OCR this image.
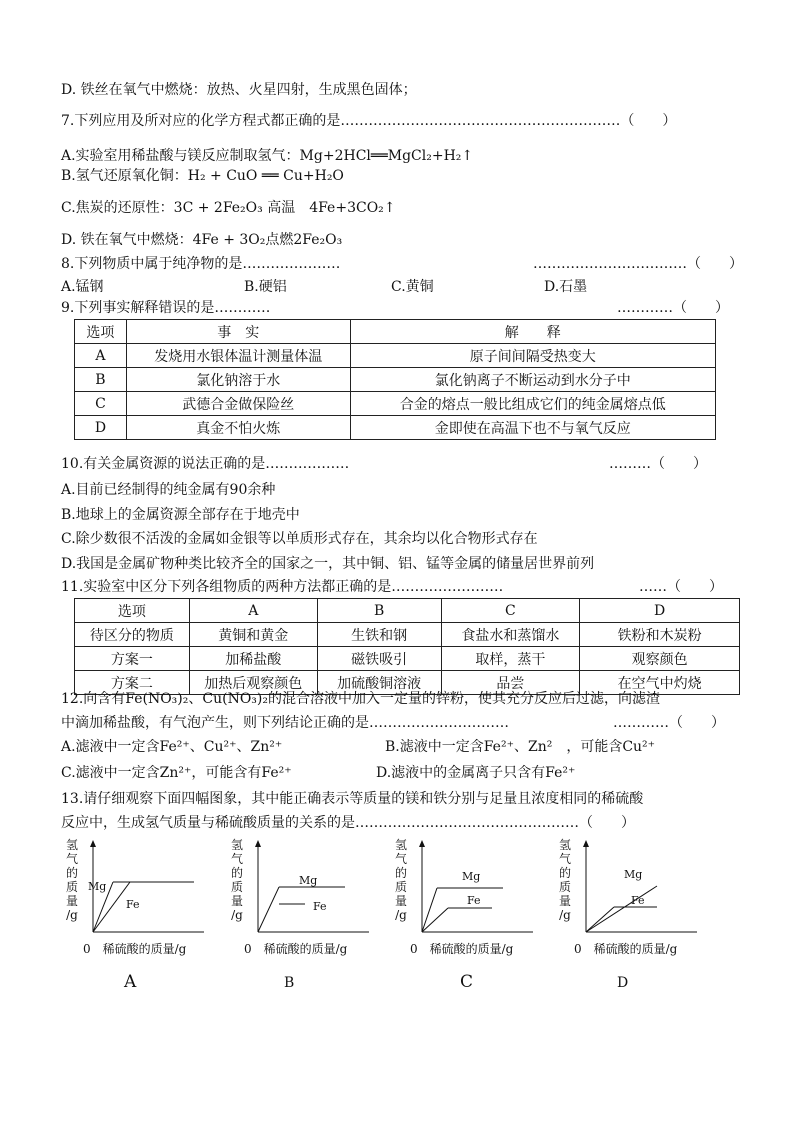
D. 铁丝在氧气中燃烧：放热、火星四射，生成黑色固体；
7.下列应用及所对应的化学方程式都正确的是……………………………………………………（　　）
A.实验室用稀盐酸与镁反应制取氢气：Mg+2HCl══MgCl₂+H₂↑
B.氢气还原氧化铜：H₂ + CuO ══ Cu+H₂O
C.焦炭的还原性：3C + 2Fe₂O₃ 高温　4Fe+3CO₂↑
D. 铁在氧气中燃烧：4Fe + 3O₂点燃2Fe₂O₃
8.下列物质中属于纯净物的是…………………	……………………………（　　）
A.锰钢	B.硬铝	C.黄铜	D.石墨
9.下列事实解释错误的是…………	…………（　　）
选项	事　实	解　　释
A	发烧用水银体温计测量体温	原子间间隔受热变大
B	氯化钠溶于水	氯化钠离子不断运动到水分子中
C	武德合金做保险丝	合金的熔点一般比组成它们的纯金属熔点低
D	真金不怕火炼	金即使在高温下也不与氧气反应
10.有关金属资源的说法正确的是………………	………（　　）
A.目前已经制得的纯金属有90余种
B.地球上的金属资源全部存在于地壳中
C.除少数很不活泼的金属如金银等以单质形式存在，其余均以化合物形式存在
D.我国是金属矿物种类比较齐全的国家之一，其中铜、铝、锰等金属的储量居世界前列
11.实验室中区分下列各组物质的两种方法都正确的是……………………	……（　　）
选项	A	B	C	D
待区分的物质	黄铜和黄金	生铁和钢	食盐水和蒸馏水	铁粉和木炭粉
方案一	加稀盐酸	磁铁吸引	取样，蒸干	观察颜色
方案二	加热后观察颜色	加硫酸铜溶液	品尝	在空气中灼烧
12.向含有Fe(NO₃)₂、Cu(NO₃)₂的混合溶液中加入一定量的锌粉，使其充分反应后过滤，向滤渣
中滴加稀盐酸，有气泡产生，则下列结论正确的是…………………………	…………（　　）
A.滤液中一定含Fe²⁺、Cu²⁺、Zn²⁺	B.滤液中一定含Fe²⁺、Zn²　，可能含Cu²⁺
C.滤液中一定含Zn²⁺，可能含有Fe²⁺	D.滤液中的金属离子只含有Fe²⁺
13.请仔细观察下面四幅图象，其中能正确表示等质量的镁和铁分别与足量且浓度相同的稀硫酸
反应中，生成氢气质量与稀硫酸质量的关系的是…………………………………………（　　）
氢
气
的
质
量
/g
Mg
Fe
0　稀硫酸的质量/g
A
氢
气
的
质
量
/g
Mg
Fe
0　稀硫酸的质量/g
B
氢
气
的
质
量
/g
Mg
Fe
0　稀硫酸的质量/g
C
氢
气
的
质
量
/g
Mg
Fe
0　稀硫酸的质量/g
D
